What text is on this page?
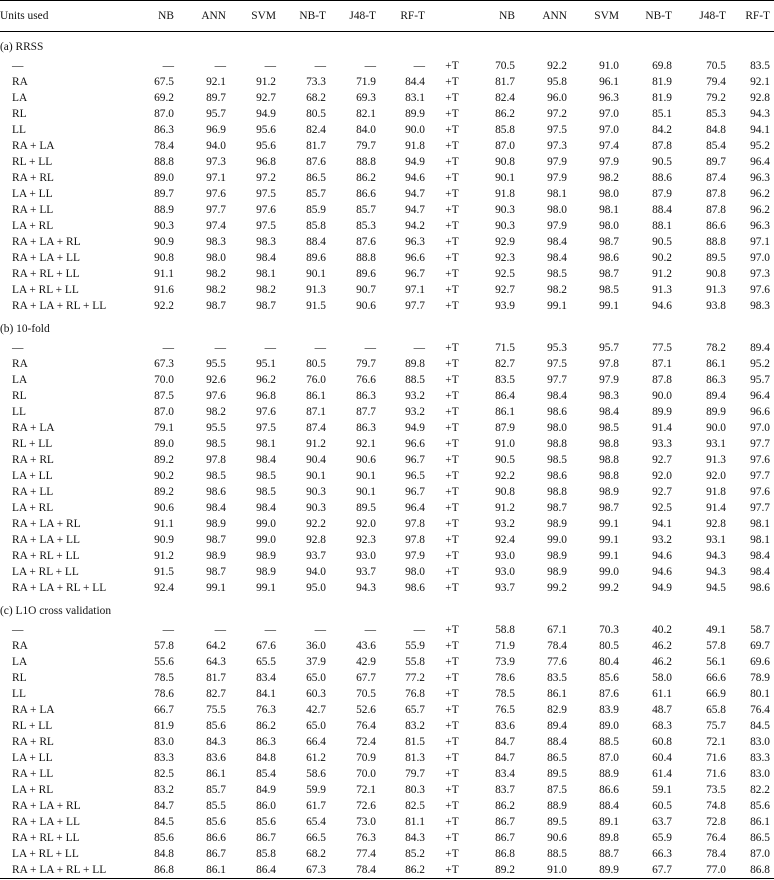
Units used	NB	ANN	SVM	NB-T	J48-T	RF-T		NB	ANN	SVM	NB-T	J48-T	RF-T
(a) RRSS													
—	—	—	—	—	—	—	+T	70.5	92.2	91.0	69.8	70.5	83.5
RA	67.5	92.1	91.2	73.3	71.9	84.4	+T	81.7	95.8	96.1	81.9	79.4	92.1
LA	69.2	89.7	92.7	68.2	69.3	83.1	+T	82.4	96.0	96.3	81.9	79.2	92.8
RL	87.0	95.7	94.9	80.5	82.1	89.9	+T	86.2	97.2	97.0	85.1	85.3	94.3
LL	86.3	96.9	95.6	82.4	84.0	90.0	+T	85.8	97.5	97.0	84.2	84.8	94.1
RA + LA	78.4	94.0	95.6	81.7	79.7	91.8	+T	87.0	97.3	97.4	87.8	85.4	95.2
RL + LL	88.8	97.3	96.8	87.6	88.8	94.9	+T	90.8	97.9	97.9	90.5	89.7	96.4
RA + RL	89.0	97.1	97.2	86.5	86.2	94.6	+T	90.1	97.9	98.2	88.6	87.4	96.3
LA + LL	89.7	97.6	97.5	85.7	86.6	94.7	+T	91.8	98.1	98.0	87.9	87.8	96.2
RA + LL	88.9	97.7	97.6	85.9	85.7	94.7	+T	90.3	98.0	98.1	88.4	87.8	96.2
LA + RL	90.3	97.4	97.5	85.8	85.3	94.2	+T	90.3	97.9	98.0	88.1	86.6	96.3
RA + LA + RL	90.9	98.3	98.3	88.4	87.6	96.3	+T	92.9	98.4	98.7	90.5	88.8	97.1
RA + LA + LL	90.8	98.0	98.4	89.6	88.8	96.6	+T	92.3	98.4	98.6	90.2	89.5	97.0
RA + RL + LL	91.1	98.2	98.1	90.1	89.6	96.7	+T	92.5	98.5	98.7	91.2	90.8	97.3
LA + RL + LL	91.6	98.2	98.2	91.3	90.7	97.1	+T	92.7	98.2	98.5	91.3	91.3	97.6
RA + LA + RL + LL	92.2	98.7	98.7	91.5	90.6	97.7	+T	93.9	99.1	99.1	94.6	93.8	98.3
(b) 10-fold													
—	—	—	—	—	—	—	+T	71.5	95.3	95.7	77.5	78.2	89.4
RA	67.3	95.5	95.1	80.5	79.7	89.8	+T	82.7	97.5	97.8	87.1	86.1	95.2
LA	70.0	92.6	96.2	76.0	76.6	88.5	+T	83.5	97.7	97.9	87.8	86.3	95.7
RL	87.5	97.6	96.8	86.1	86.3	93.2	+T	86.4	98.4	98.3	90.0	89.4	96.4
LL	87.0	98.2	97.6	87.1	87.7	93.2	+T	86.1	98.6	98.4	89.9	89.9	96.6
RA + LA	79.1	95.5	97.5	87.4	86.3	94.9	+T	87.9	98.0	98.5	91.4	90.0	97.0
RL + LL	89.0	98.5	98.1	91.2	92.1	96.6	+T	91.0	98.8	98.8	93.3	93.1	97.7
RA + RL	89.2	97.8	98.4	90.4	90.6	96.7	+T	90.5	98.5	98.8	92.7	91.3	97.6
LA + LL	90.2	98.5	98.5	90.1	90.1	96.5	+T	92.2	98.6	98.8	92.0	92.0	97.7
RA + LL	89.2	98.6	98.5	90.3	90.1	96.7	+T	90.8	98.8	98.9	92.7	91.8	97.6
LA + RL	90.6	98.4	98.4	90.3	89.5	96.4	+T	91.2	98.7	98.7	92.5	91.4	97.7
RA + LA + RL	91.1	98.9	99.0	92.2	92.0	97.8	+T	93.2	98.9	99.1	94.1	92.8	98.1
RA + LA + LL	90.9	98.7	99.0	92.8	92.3	97.8	+T	92.4	99.0	99.1	93.2	93.1	98.1
RA + RL + LL	91.2	98.9	98.9	93.7	93.0	97.9	+T	93.0	98.9	99.1	94.6	94.3	98.4
LA + RL + LL	91.5	98.7	98.9	94.0	93.7	98.0	+T	93.0	98.9	99.0	94.6	94.3	98.4
RA + LA + RL + LL	92.4	99.1	99.1	95.0	94.3	98.6	+T	93.7	99.2	99.2	94.9	94.5	98.6
(c) L1O cross validation													
—	—	—	—	—	—	—	+T	58.8	67.1	70.3	40.2	49.1	58.7
RA	57.8	64.2	67.6	36.0	43.6	55.9	+T	71.9	78.4	80.5	46.2	57.8	69.7
LA	55.6	64.3	65.5	37.9	42.9	55.8	+T	73.9	77.6	80.4	46.2	56.1	69.6
RL	78.5	81.7	83.4	65.0	67.7	77.2	+T	78.6	83.5	85.6	58.0	66.6	78.9
LL	78.6	82.7	84.1	60.3	70.5	76.8	+T	78.5	86.1	87.6	61.1	66.9	80.1
RA + LA	66.7	75.5	76.3	42.7	52.6	65.7	+T	76.5	82.9	83.9	48.7	65.8	76.4
RL + LL	81.9	85.6	86.2	65.0	76.4	83.2	+T	83.6	89.4	89.0	68.3	75.7	84.5
RA + RL	83.0	84.3	86.3	66.4	72.4	81.5	+T	84.7	88.4	88.5	60.8	72.1	83.0
LA + LL	83.3	83.6	84.8	61.2	70.9	81.3	+T	84.7	86.5	87.0	60.4	71.6	83.3
RA + LL	82.5	86.1	85.4	58.6	70.0	79.7	+T	83.4	89.5	88.9	61.4	71.6	83.0
LA + RL	83.2	85.7	84.9	59.9	72.1	80.3	+T	83.7	87.5	86.6	59.1	73.5	82.2
RA + LA + RL	84.7	85.5	86.0	61.7	72.6	82.5	+T	86.2	88.9	88.4	60.5	74.8	85.6
RA + LA + LL	84.5	85.6	85.6	65.4	73.0	81.1	+T	86.7	89.5	89.1	63.7	72.8	86.1
RA + RL + LL	85.6	86.6	86.7	66.5	76.3	84.3	+T	86.7	90.6	89.8	65.9	76.4	86.5
LA + RL + LL	84.8	86.7	85.8	68.2	77.4	85.2	+T	86.8	88.5	88.7	66.3	78.4	87.0
RA + LA + RL + LL	86.8	86.1	86.4	67.3	78.4	86.2	+T	89.2	91.0	89.9	67.7	77.0	86.8
